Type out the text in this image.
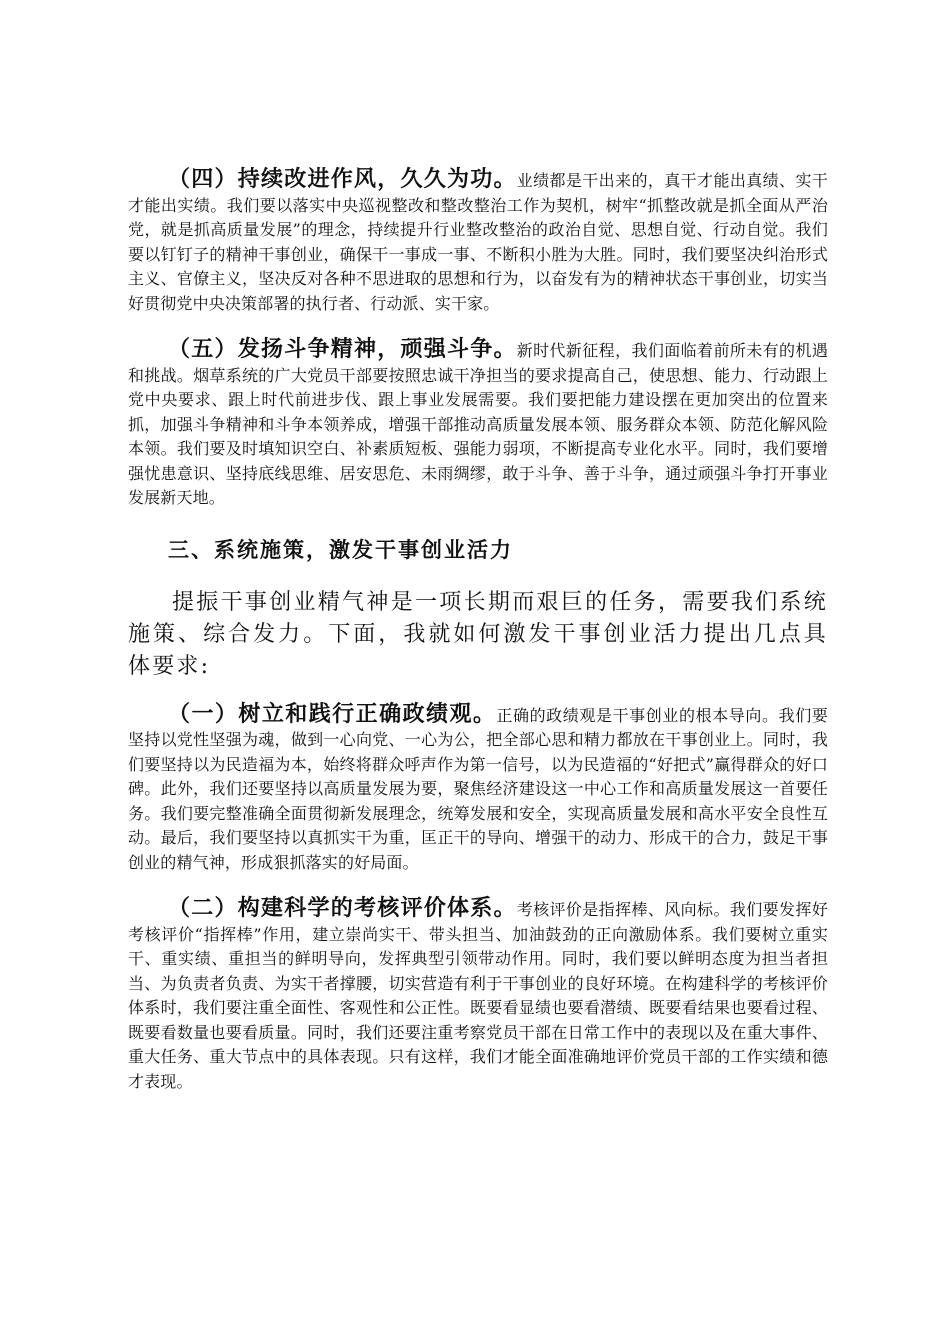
（四）持续改进作风，久久为功。业绩都是干出来的，真干才能出真绩、实干才能出实绩。我们要以落实中央巡视整改和整改整治工作为契机，树牢“抓整改就是抓全面从严治党，就是抓高质量发展”的理念，持续提升行业整改整治的政治自觉、思想自觉、行动自觉。我们要以钉钉子的精神干事创业，确保干一事成一事、不断积小胜为大胜。同时，我们要坚决纠治形式主义、官僚主义，坚决反对各种不思进取的思想和行为，以奋发有为的精神状态干事创业，切实当好贯彻党中央决策部署的执行者、行动派、实干家。

（五）发扬斗争精神，顽强斗争。新时代新征程，我们面临着前所未有的机遇和挑战。烟草系统的广大党员干部要按照忠诚干净担当的要求提高自己，使思想、能力、行动跟上党中央要求、跟上时代前进步伐、跟上事业发展需要。我们要把能力建设摆在更加突出的位置来抓，加强斗争精神和斗争本领养成，增强干部推动高质量发展本领、服务群众本领、防范化解风险本领。我们要及时填知识空白、补素质短板、强能力弱项，不断提高专业化水平。同时，我们要增强忧患意识、坚持底线思维、居安思危、未雨绸缪，敢于斗争、善于斗争，通过顽强斗争打开事业发展新天地。

三、系统施策，激发干事创业活力

提振干事创业精气神是一项长期而艰巨的任务，需要我们系统施策、综合发力。下面，我就如何激发干事创业活力提出几点具体要求:

（一）树立和践行正确政绩观。正确的政绩观是干事创业的根本导向。我们要坚持以党性坚强为魂，做到一心向党、一心为公，把全部心思和精力都放在干事创业上。同时，我们要坚持以为民造福为本，始终将群众呼声作为第一信号，以为民造福的“好把式”赢得群众的好口碑。此外，我们还要坚持以高质量发展为要，聚焦经济建设这一中心工作和高质量发展这一首要任务。我们要完整准确全面贯彻新发展理念，统筹发展和安全，实现高质量发展和高水平安全良性互动。最后，我们要坚持以真抓实干为重，匡正干的导向、增强干的动力、形成干的合力，鼓足干事创业的精气神，形成狠抓落实的好局面。

（二）构建科学的考核评价体系。考核评价是指挥棒、风向标。我们要发挥好考核评价“指挥棒”作用，建立崇尚实干、带头担当、加油鼓劲的正向激励体系。我们要树立重实干、重实绩、重担当的鲜明导向，发挥典型引领带动作用。同时，我们要以鲜明态度为担当者担当、为负责者负责、为实干者撑腰，切实营造有利于干事创业的良好环境。在构建科学的考核评价体系时，我们要注重全面性、客观性和公正性。既要看显绩也要看潜绩、既要看结果也要看过程、既要看数量也要看质量。同时，我们还要注重考察党员干部在日常工作中的表现以及在重大事件、重大任务、重大节点中的具体表现。只有这样，我们才能全面准确地评价党员干部的工作实绩和德才表现。
